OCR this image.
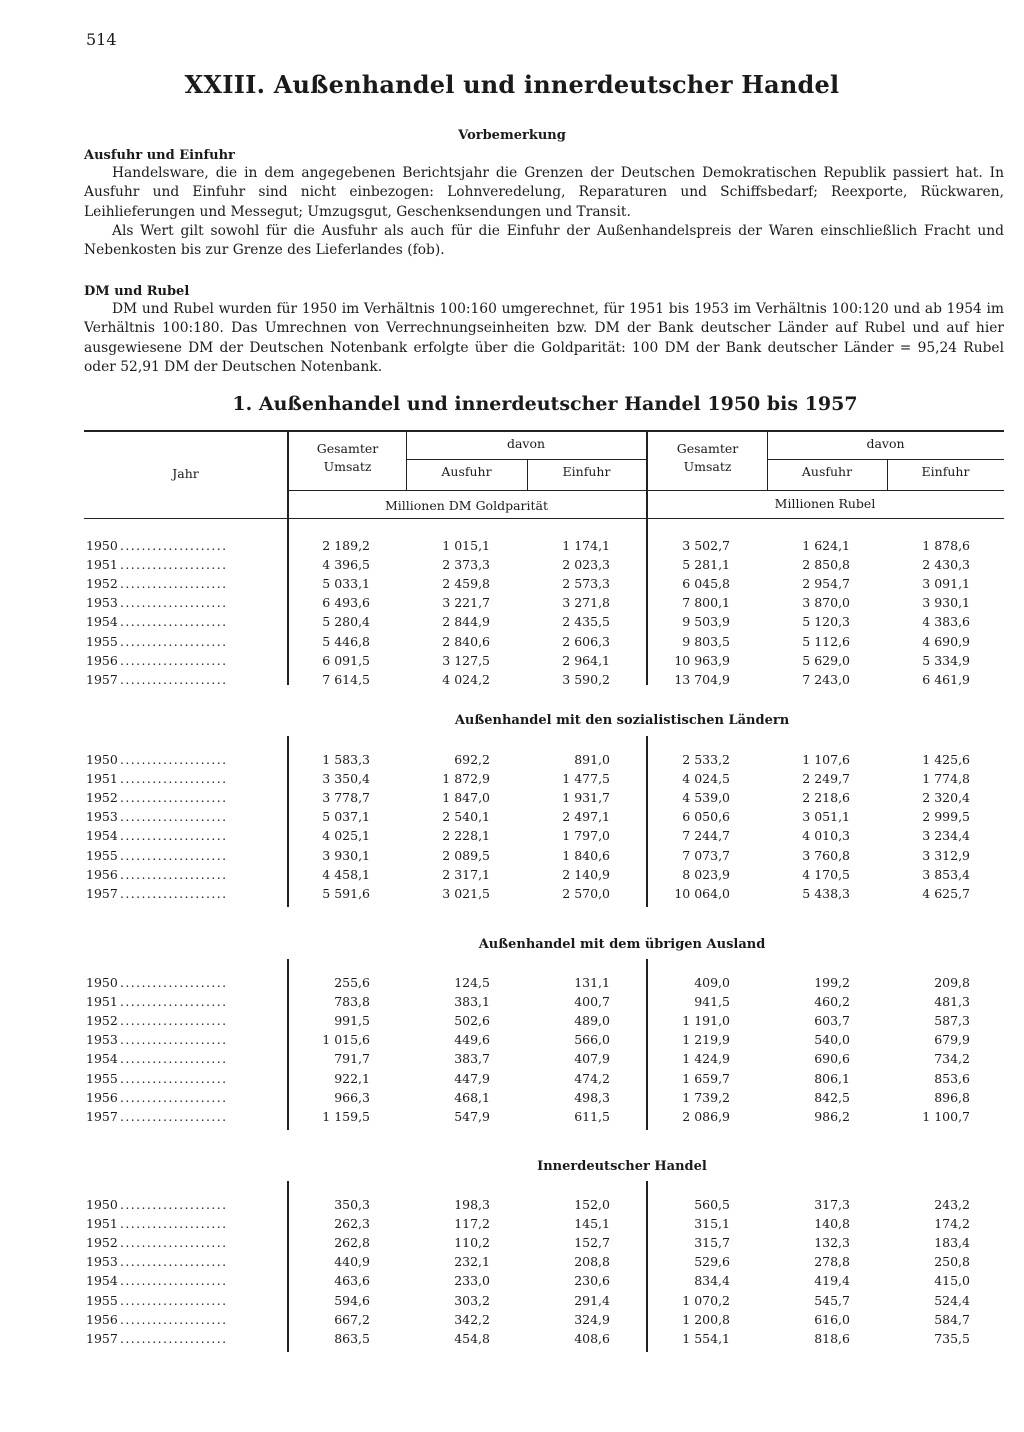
514
XXIII. Außenhandel und innerdeutscher Handel
Vorbemerkung
Ausfuhr und Einfuhr

Handelsware, die in dem angegebenen Berichtsjahr die Grenzen der Deutschen Demokratischen Republik passiert hat. In Ausfuhr und Einfuhr sind nicht einbezogen: Lohnveredelung, Reparaturen und Schiffsbedarf; Reexporte, Rückwaren, Leihlieferungen und Messegut; Umzugsgut, Geschenksendungen und Transit.

Als Wert gilt sowohl für die Ausfuhr als auch für die Einfuhr der Außenhandelspreis der Waren einschließlich Fracht und Nebenkosten bis zur Grenze des Lieferlandes (fob).

DM und Rubel

DM und Rubel wurden für 1950 im Verhältnis 100:160 umgerechnet, für 1951 bis 1953 im Verhältnis 100:120 und ab 1954 im Verhältnis 100:180. Das Umrechnen von Verrechnungseinheiten bzw. DM der Bank deutscher Länder auf Rubel und auf hier ausgewiesene DM der Deutschen Notenbank erfolgte über die Goldparität: 100 DM der Bank deutscher Länder = 95,24 Rubel oder 52,91 DM der Deutschen Notenbank.

1. Außenhandel und innerdeutscher Handel 1950 bis 1957
Jahr
Gesamter Umsatz
davon
Ausfuhr	Einfuhr
Millionen DM Goldparität
Gesamter Umsatz
davon
Ausfuhr	Einfuhr
Millionen Rubel
1950 ....................	2 189,2	1 015,1	1 174,1	3 502,7	1 624,1	1 878,6
1951 ....................	4 396,5	2 373,3	2 023,3	5 281,1	2 850,8	2 430,3
1952 ....................	5 033,1	2 459,8	2 573,3	6 045,8	2 954,7	3 091,1
1953 ....................	6 493,6	3 221,7	3 271,8	7 800,1	3 870,0	3 930,1
1954 ....................	5 280,4	2 844,9	2 435,5	9 503,9	5 120,3	4 383,6
1955 ....................	5 446,8	2 840,6	2 606,3	9 803,5	5 112,6	4 690,9
1956 ....................	6 091,5	3 127,5	2 964,1	10 963,9	5 629,0	5 334,9
1957 ....................	7 614,5	4 024,2	3 590,2	13 704,9	7 243,0	6 461,9
Außenhandel mit den sozialistischen Ländern
1950 ....................	1 583,3	692,2	891,0	2 533,2	1 107,6	1 425,6
1951 ....................	3 350,4	1 872,9	1 477,5	4 024,5	2 249,7	1 774,8
1952 ....................	3 778,7	1 847,0	1 931,7	4 539,0	2 218,6	2 320,4
1953 ....................	5 037,1	2 540,1	2 497,1	6 050,6	3 051,1	2 999,5
1954 ....................	4 025,1	2 228,1	1 797,0	7 244,7	4 010,3	3 234,4
1955 ....................	3 930,1	2 089,5	1 840,6	7 073,7	3 760,8	3 312,9
1956 ....................	4 458,1	2 317,1	2 140,9	8 023,9	4 170,5	3 853,4
1957 ....................	5 591,6	3 021,5	2 570,0	10 064,0	5 438,3	4 625,7
Außenhandel mit dem übrigen Ausland
1950 ....................	255,6	124,5	131,1	409,0	199,2	209,8
1951 ....................	783,8	383,1	400,7	941,5	460,2	481,3
1952 ....................	991,5	502,6	489,0	1 191,0	603,7	587,3
1953 ....................	1 015,6	449,6	566,0	1 219,9	540,0	679,9
1954 ....................	791,7	383,7	407,9	1 424,9	690,6	734,2
1955 ....................	922,1	447,9	474,2	1 659,7	806,1	853,6
1956 ....................	966,3	468,1	498,3	1 739,2	842,5	896,8
1957 ....................	1 159,5	547,9	611,5	2 086,9	986,2	1 100,7
Innerdeutscher Handel
1950 ....................	350,3	198,3	152,0	560,5	317,3	243,2
1951 ....................	262,3	117,2	145,1	315,1	140,8	174,2
1952 ....................	262,8	110,2	152,7	315,7	132,3	183,4
1953 ....................	440,9	232,1	208,8	529,6	278,8	250,8
1954 ....................	463,6	233,0	230,6	834,4	419,4	415,0
1955 ....................	594,6	303,2	291,4	1 070,2	545,7	524,4
1956 ....................	667,2	342,2	324,9	1 200,8	616,0	584,7
1957 ....................	863,5	454,8	408,6	1 554,1	818,6	735,5
